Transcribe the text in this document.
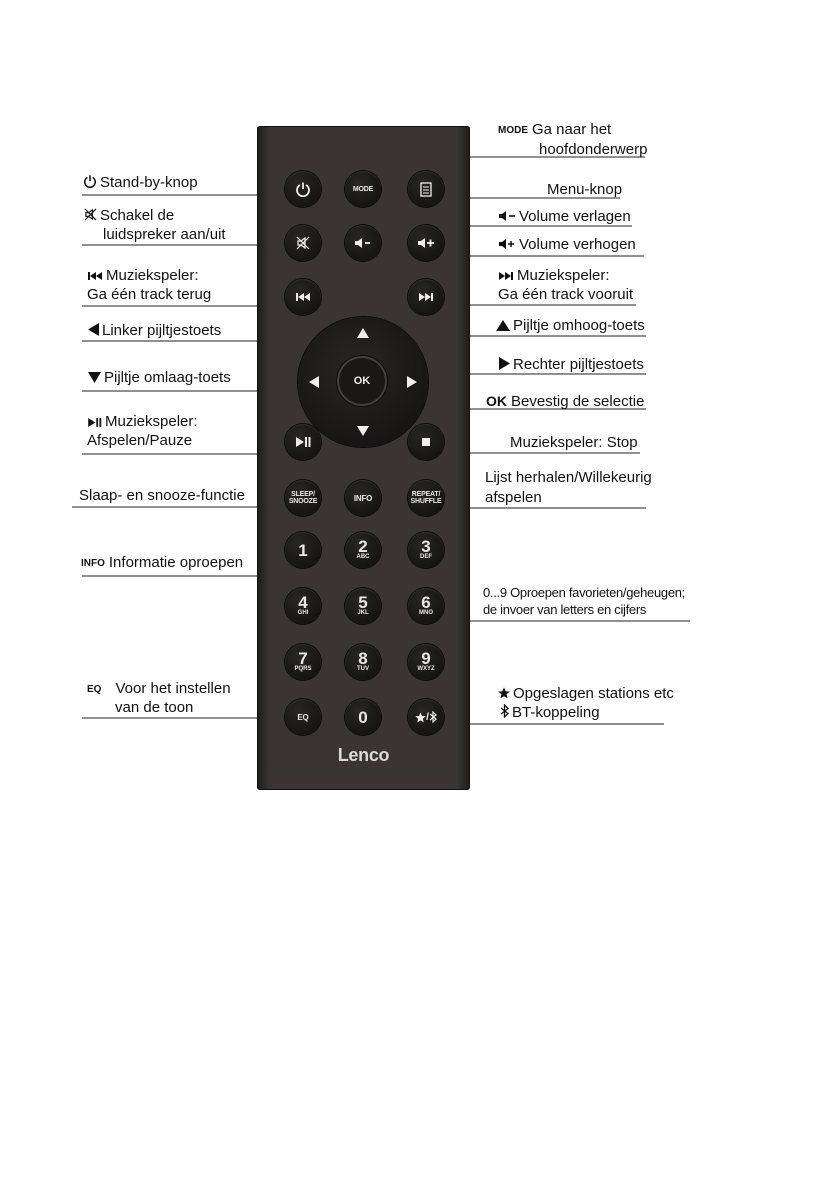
MODE
OK
SLEEP/
SNOOZE	INFO	REPEAT/
SHUFFLE
1	2
ABC
3
DEF
4
GHI
5
JKL
6
MNO
7
PQRS
8
TUV
9
WXYZ
EQ	0	/
Lenco
MODE Ga naar het
hoofdonderwerp
Menu-knop
Volume verlagen
Volume verhogen
Muziekspeler:
Ga één track vooruit
Pijltje omhoog-toets
Rechter pijltjestoets
OK Bevestig de selectie
Muziekspeler: Stop
Lijst herhalen/Willekeurig
afspelen
0...9 Oproepen favorieten/geheugen;
de invoer van letters en cijfers
Opgeslagen stations etc
BT-koppeling
Stand-by-knop
Schakel de
luidspreker aan/uit
Muziekspeler:
Ga één track terug
Linker pijltjestoets
Pijltje omlaag-toets
Muziekspeler:
Afspelen/Pauze
Slaap- en snooze-functie
INFO Informatie oproepen
EQ Voor het instellen
van de toon
